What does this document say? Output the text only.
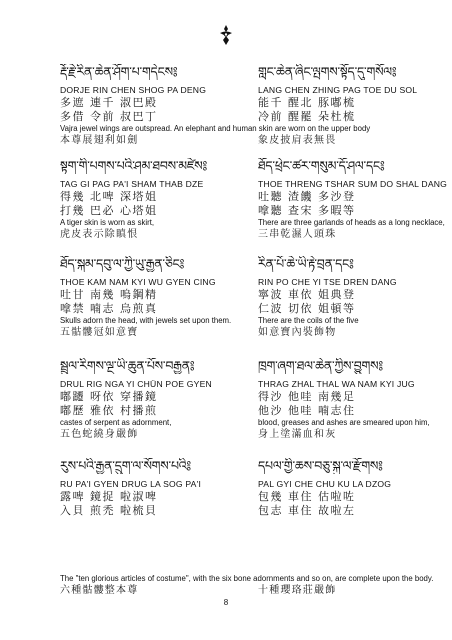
རྡོ་རྗེ་རིན་ཆེན་ཤོག་པ་གདེངས༔
DORJE RIN CHEN SHOG PA DENG
多遮 連千 淑巴殿
多借 令前 叔巴丁
Vajra jewel wings are outspread. An elephant and human skin are worn on the upper body
本尊展翅利如劍
སྟག་གི་པགས་པའི་ཤམ་ཐབས་མཛེས༔
TAG GI PAG PA'I SHAM THAB DZE
得幾 北啤 深塔姐
打幾 巴必 心塔姐
A tiger skin is worn as skirt,
虎皮表示除瞋恨
ཐོད་སྐམ་དབུ་ལ་ཀྱི་ཡུ་རྒྱན་ཅིང༔
THOE KAM NAM KYI WU GYEN CING
吐甘 南幾 嗚鋼精
嗱禁 喃志 烏煎真
Skulls adorn the head, with jewels set upon them.
五骷髏冠如意寶
སྦྲུལ་རིགས་ལྔ་ཡི་ཆུན་པོས་བརྒྱན༔
DRUL RIG NGA YI CHÜN POE GYEN
嘟躚 呀依 穿播鏡
嘟歷 雅依 村播煎
castes of serpent as adornment,
五色蛇繞身嚴飾
རུས་པའི་རྒྱན་དྲུག་ལ་སོགས་པའི༔
RU PA'I GYEN DRUG LA SOG PA'I
露啤 鏡捉 啦淑啤
入貝 煎禿 啦梳貝
གླང་ཆེན་ཞིང་ལྤགས་སྟོད་དུ་གསོལ༔
LANG CHEN ZHING PAG TOE DU SOL
能千 醒北 豚嘟梳
冷前 醒罷 朵杜梳

象皮披肩表無畏
ཐོད་ཕྲེང་ཚར་གསུམ་དོ་ཤལ་དང༔
THOE THRENG TSHAR SUM DO SHAL DANG
吐聽 渣饑 多沙登
嗱聽 查宋 多暇等
There are three garlands of heads as a long necklace,
三串乾濕人頭珠
རིན་པོ་ཆེ་ཡི་རྟེ་བྲན་དང༔
RIN PO CHE YI TSE DREN DANG
寧波 車依 姐典登
仁波 切依 姐頓等
There are the coils of the five
如意寶內裝飾物
ཁྲག་ཞག་ཐལ་ཆེན་ཀྱིས་བྱུགས༔
THRAG ZHAL THAL WA NAM KYI JUG
得沙 他哇 南幾足
他沙 他哇 喃志住
blood, greases and ashes are smeared upon him,
身上塗滿血和灰
དཔལ་གྱི་ཆས་བཅུ་སྐུ་ལ་རྫོགས༔
PAL GYI CHE CHU KU LA DZOG
包幾 車住 估啦咗
包志 車住 故啦左
The "ten glorious articles of costume", with the six bone adornments and so on, are complete upon the body.
六種骷髏整本尊	十種瓔珞莊嚴飾
8
